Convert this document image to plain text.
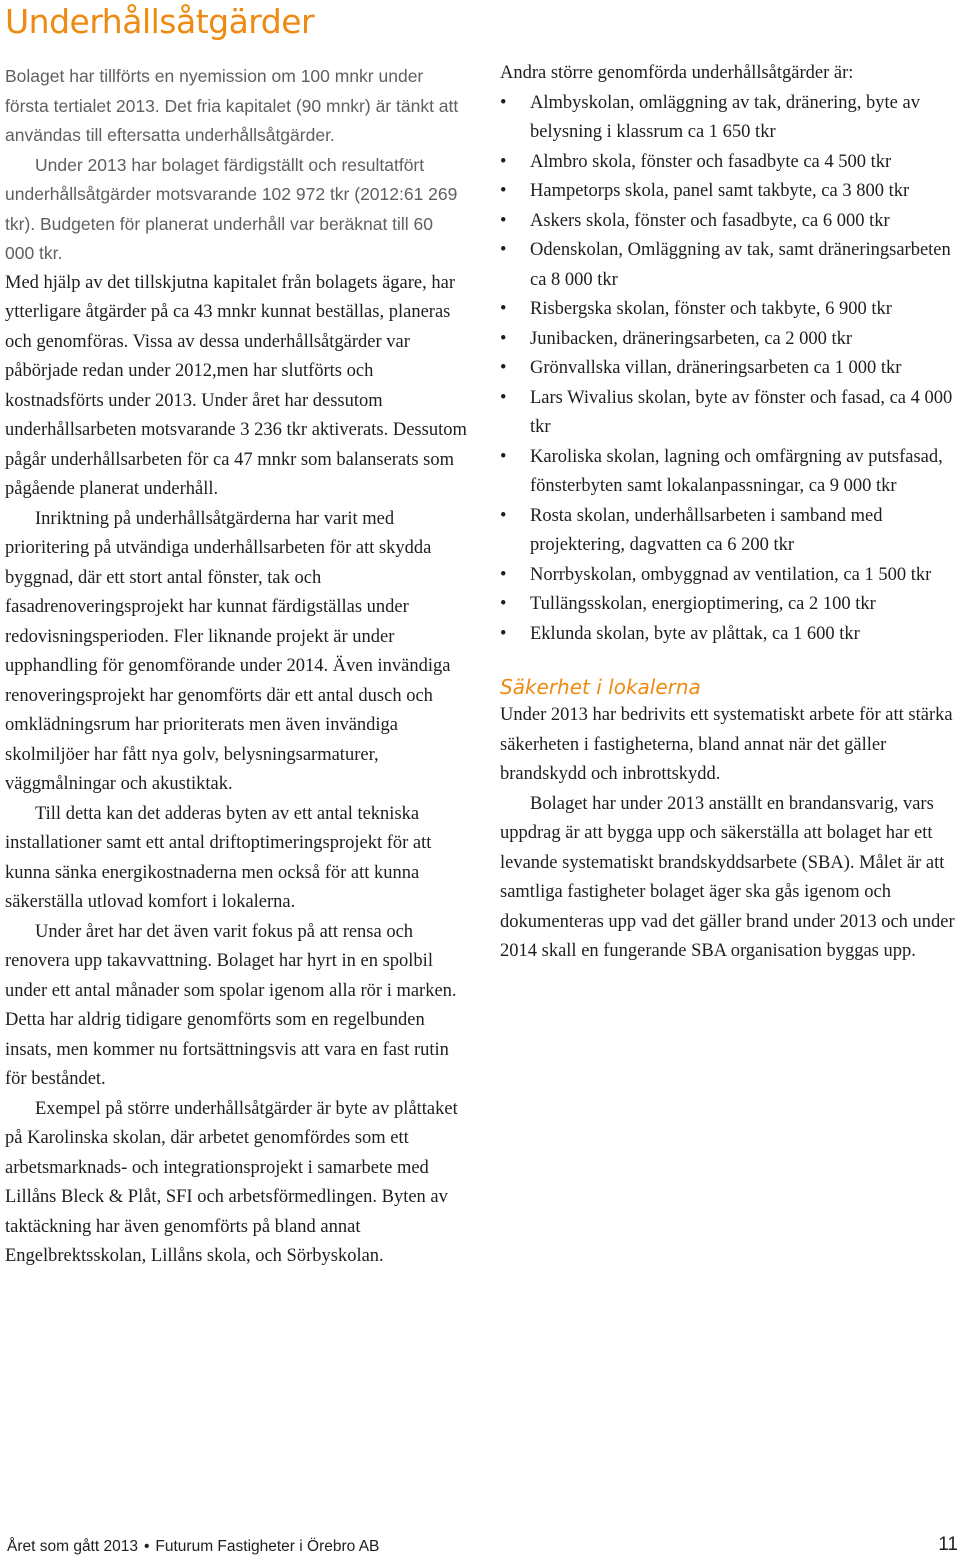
Underhållsåtgärder

Bolaget har tillförts en nyemission om 100 mnkr under första tertialet 2013. Det fria kapitalet (90 mnkr) är tänkt att användas till eftersatta underhållsåtgärder.

Under 2013 har bolaget färdigställt och resultatfört underhållsåtgärder motsvarande 102 972 tkr (2012:61 269 tkr). Budgeten för planerat underhåll var beräknat till 60 000 tkr.

Med hjälp av det tillskjutna kapitalet från bolagets ägare, har ytterligare åtgärder på ca 43 mnkr kunnat beställas, planeras och genomföras. Vissa av dessa underhållsåtgärder var påbörjade redan under 2012,men har slutförts och kostnadsförts under 2013. Under året har dessutom underhållsarbeten motsvarande 3 236 tkr aktiverats. Dessutom pågår underhållsarbeten för ca 47 mnkr som balanserats som pågående planerat underhåll.

Inriktning på underhållsåtgärderna har varit med prioritering på utvändiga underhållsarbeten för att skydda byggnad, där ett stort antal fönster, tak och fasadrenoveringsprojekt har kunnat färdigställas under redovisningsperioden. Fler liknande projekt är under upphandling för genomförande under 2014. Även invändiga renoveringsprojekt har genomförts där ett antal dusch och omklädningsrum har prioriterats men även invändiga skolmiljöer har fått nya golv, belysningsarmaturer, väggmålningar och akustiktak.

Till detta kan det adderas byten av ett antal tekniska installationer samt ett antal driftoptimeringsprojekt för att kunna sänka energikostnaderna men också för att kunna säkerställa utlovad komfort i lokalerna.

Under året har det även varit fokus på att rensa och renovera upp takavvattning. Bolaget har hyrt in en spolbil under ett antal månader som spolar igenom alla rör i marken. Detta har aldrig tidigare genomförts som en regelbunden insats, men kommer nu fortsättningsvis att vara en fast rutin för beståndet.

Exempel på större underhållsåtgärder är byte av plåttaket på Karolinska skolan, där arbetet genomfördes som ett arbetsmarknads- och integrationsprojekt i samarbete med Lillåns Bleck & Plåt, SFI och arbetsförmedlingen. Byten av taktäckning har även genomförts på bland annat Engelbrektsskolan, Lillåns skola, och Sörbyskolan.

Andra större genomförda underhållsåtgärder är:

• Almbyskolan, omläggning av tak, dränering, byte av belysning i klassrum ca 1 650 tkr
• Almbro skola, fönster och fasadbyte ca 4 500 tkr
• Hampetorps skola, panel samt takbyte, ca 3 800 tkr
• Askers skola, fönster och fasadbyte, ca 6 000 tkr
• Odenskolan, Omläggning av tak, samt dräneringsarbeten ca 8 000 tkr
• Risbergska skolan, fönster och takbyte, 6 900 tkr
• Junibacken, dräneringsarbeten, ca 2 000 tkr
• Grönvallska villan, dräneringsarbeten ca 1 000 tkr
• Lars Wivalius skolan, byte av fönster och fasad, ca 4 000 tkr
• Karoliska skolan, lagning och omfärgning av putsfasad, fönsterbyten samt lokalanpassningar, ca 9 000 tkr
• Rosta skolan, underhållsarbeten i samband med projektering, dagvatten ca 6 200 tkr
• Norrbyskolan, ombyggnad av ventilation, ca 1 500 tkr
• Tullängsskolan, energioptimering, ca 2 100 tkr
• Eklunda skolan, byte av plåttak, ca 1 600 tkr
Säkerhet i lokalerna

Under 2013 har bedrivits ett systematiskt arbete för att stärka säkerheten i fastigheterna, bland annat när det gäller brandskydd och inbrottskydd.

Bolaget har under 2013 anställt en brandansvarig, vars uppdrag är att bygga upp och säkerställa att bolaget har ett levande systematiskt brandskyddsarbete (SBA). Målet är att samtliga fastigheter bolaget äger ska gås igenom och dokumenteras upp vad det gäller brand under 2013 och under 2014 skall en fungerande SBA organisation byggas upp.

Året som gått 2013 • Futurum Fastigheter i Örebro AB	11
